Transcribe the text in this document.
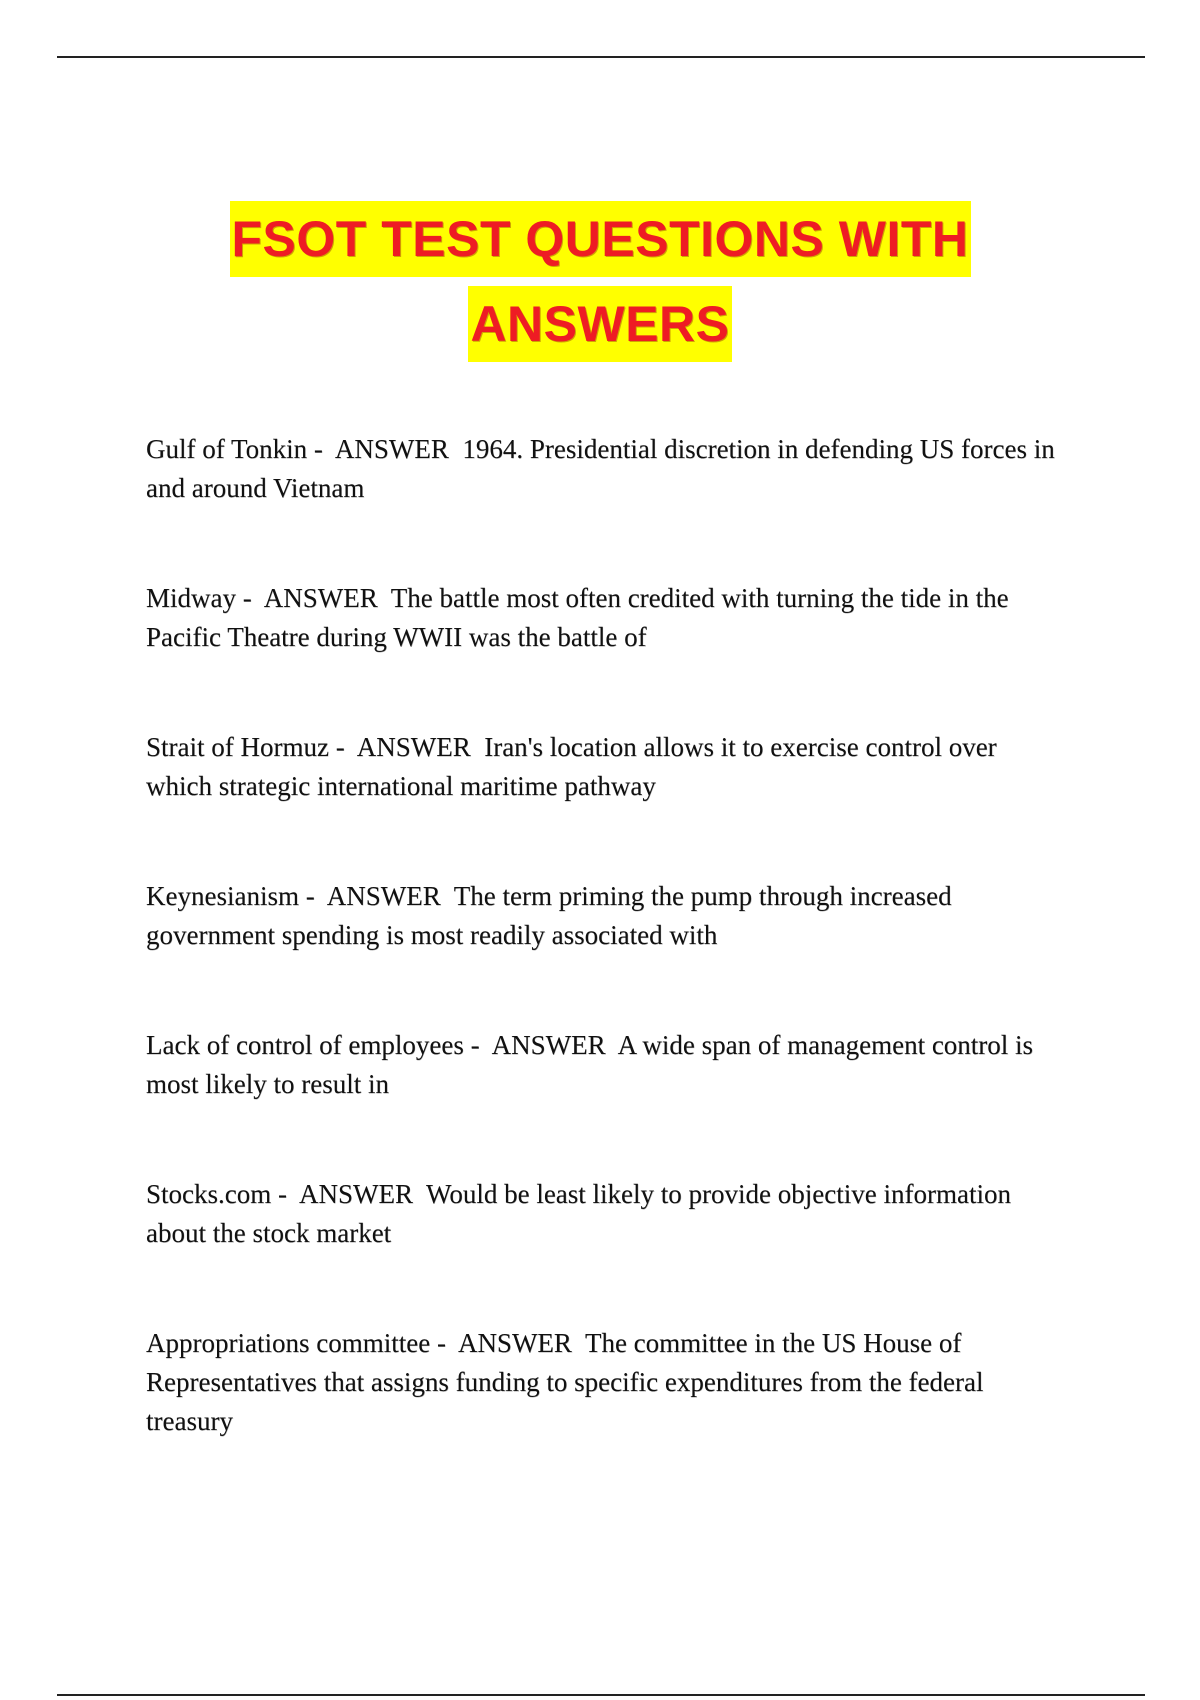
FSOT TEST QUESTIONS WITH
ANSWERS

Gulf of Tonkin -  ANSWER  1964. Presidential discretion in defending US forces in and around Vietnam

Midway -  ANSWER  The battle most often credited with turning the tide in the Pacific Theatre during WWII was the battle of

Strait of Hormuz -  ANSWER  Iran's location allows it to exercise control over which strategic international maritime pathway

Keynesianism -  ANSWER  The term priming the pump through increased government spending is most readily associated with

Lack of control of employees -  ANSWER  A wide span of management control is most likely to result in

Stocks.com -  ANSWER  Would be least likely to provide objective information about the stock market

Appropriations committee -  ANSWER  The committee in the US House of Representatives that assigns funding to specific expenditures from the federal treasury
